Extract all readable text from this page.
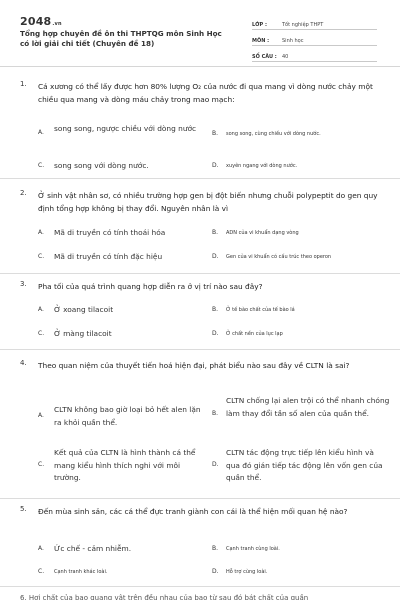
2048.vn
Tổng hợp chuyên đề ôn thi THPTQG môn Sinh Học có lời giải chi tiết (Chuyên đề 18)
LỚP :	Tốt nghiệp THPT
MÔN :	Sinh học
SỐ CÂU :	40
1. Cá xương có thể lấy được hơn 80% lượng O₂ của nước đi qua mang vì dòng nước chảy một chiều qua mang và dòng máu chảy trong mao mạch:
A. song song, ngược chiều với dòng nước
B. song song, cùng chiều với dòng nước.
C. song song với dòng nước.	D. xuyên ngang với dòng nước.
2. Ở sinh vật nhân sơ, có nhiều trường hợp gen bị đột biến nhưng chuỗi polypeptit do gen quy định tổng hợp không bị thay đổi. Nguyên nhân là vì
A. Mã di truyền có tính thoái hóa	B. ADN của vi khuẩn dạng vòng
C. Mã di truyền có tính đặc hiệu	D. Gen của vi khuẩn có cấu trúc theo operon
3. Pha tối của quá trình quang hợp diễn ra ở vị trí nào sau đây?
A. Ở xoang tilacoit	B. Ở tế bào chất của tế bào lá
C. Ở màng tilacoit	D. Ở chất nền của lục lạp
4. Theo quan niệm của thuyết tiến hoá hiện đại, phát biểu nào sau đây về CLTN là sai?
A.
CLTN không bao giờ loại bỏ hết alen lặn ra khỏi quần thể.
B.
CLTN chống lại alen trội có thể nhanh chóng làm thay đổi tần số alen của quần thể.
C.
Kết quả của CLTN là hình thành cá thể mang kiểu hình thích nghi với môi trường.
D.
CLTN tác động trực tiếp lên kiểu hình và qua đó gián tiếp tác động lên vốn gen của quần thể.
5. Đến mùa sinh sản, các cá thể đực tranh giành con cái là thể hiện mối quan hệ nào?
A. Ức chế - cảm nhiễm.	B. Cạnh tranh cùng loài.
C. Cạnh tranh khác loài.	D. Hỗ trợ cùng loài.
6. Hợi chất của bao quang vật trên đều nhau của bao từ sau đó bát chất của quần
